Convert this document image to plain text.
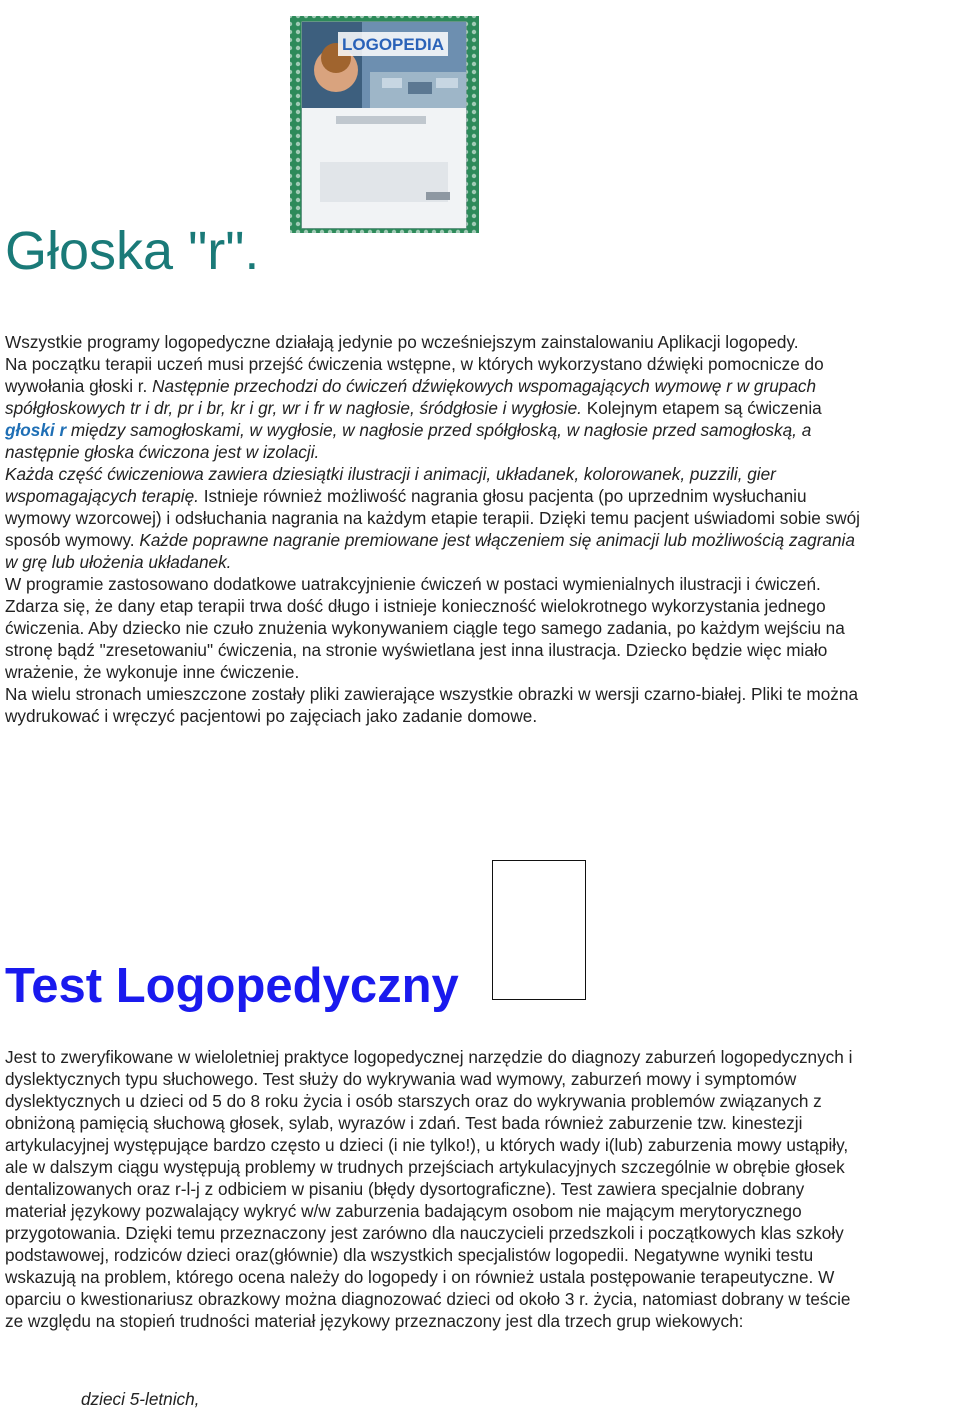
LOGOPEDIA
Głoska "r".
Wszystkie programy logopedyczne działają jedynie po wcześniejszym zainstalowaniu Aplikacji logopedy.
Na początku terapii uczeń musi przejść ćwiczenia wstępne, w których wykorzystano dźwięki pomocnicze do
wywołania głoski r. Następnie przechodzi do ćwiczeń dźwiękowych wspomagających wymowę r w grupach
spółgłoskowych tr i dr, pr i br, kr i gr, wr i fr w nagłosie, śródgłosie i wygłosie. Kolejnym etapem są ćwiczenia
głoski r między samogłoskami, w wygłosie, w nagłosie przed spółgłoską, w nagłosie przed samogłoską, a
następnie głoska ćwiczona jest w izolacji.
Każda część ćwiczeniowa zawiera dziesiątki ilustracji i animacji, układanek, kolorowanek, puzzili, gier
wspomagających terapię. Istnieje również możliwość nagrania głosu pacjenta (po uprzednim wysłuchaniu
wymowy wzorcowej) i odsłuchania nagrania na każdym etapie terapii. Dzięki temu pacjent uświadomi sobie swój
sposób wymowy. Każde poprawne nagranie premiowane jest włączeniem się animacji lub możliwością zagrania
w grę lub ułożenia układanek.
W programie zastosowano dodatkowe uatrakcyjnienie ćwiczeń w postaci wymienialnych ilustracji i ćwiczeń.
Zdarza się, że dany etap terapii trwa dość długo i istnieje konieczność wielokrotnego wykorzystania jednego
ćwiczenia. Aby dziecko nie czuło znużenia wykonywaniem ciągle tego samego zadania, po każdym wejściu na
stronę bądź "zresetowaniu" ćwiczenia, na stronie wyświetlana jest inna ilustracja. Dziecko będzie więc miało
wrażenie, że wykonuje inne ćwiczenie.
Na wielu stronach umieszczone zostały pliki zawierające wszystkie obrazki w wersji czarno-białej. Pliki te można
wydrukować i wręczyć pacjentowi po zajęciach jako zadanie domowe.
Test Logopedyczny
Jest to zweryfikowane w wieloletniej praktyce logopedycznej narzędzie do diagnozy zaburzeń logopedycznych i
dyslektycznych typu słuchowego. Test służy do wykrywania wad wymowy, zaburzeń mowy i symptomów
dyslektycznych u dzieci od 5 do 8 roku życia i osób starszych oraz do wykrywania problemów związanych z
obniżoną pamięcią słuchową głosek, sylab, wyrazów i zdań. Test bada również zaburzenie tzw. kinestezji
artykulacyjnej występujące bardzo często u dzieci (i nie tylko!), u których wady i(lub) zaburzenia mowy ustąpiły,
ale w dalszym ciągu występują problemy w trudnych przejściach artykulacyjnych szczególnie w obrębie głosek
dentalizowanych oraz r-l-j z odbiciem w pisaniu (błędy dysortograficzne). Test zawiera specjalnie dobrany
materiał językowy pozwalający wykryć w/w zaburzenia badającym osobom nie mającym merytorycznego
przygotowania. Dzięki temu przeznaczony jest zarówno dla nauczycieli przedszkoli i początkowych klas szkoły
podstawowej, rodziców dzieci oraz(głównie) dla wszystkich specjalistów logopedii. Negatywne wyniki testu
wskazują na problem, którego ocena należy do logopedy i on również ustala postępowanie terapeutyczne. W
oparciu o kwestionariusz obrazkowy można diagnozować dzieci od około 3 r. życia, natomiast dobrany w teście
ze względu na stopień trudności materiał językowy przeznaczony jest dla trzech grup wiekowych:
dzieci 5-letnich,
